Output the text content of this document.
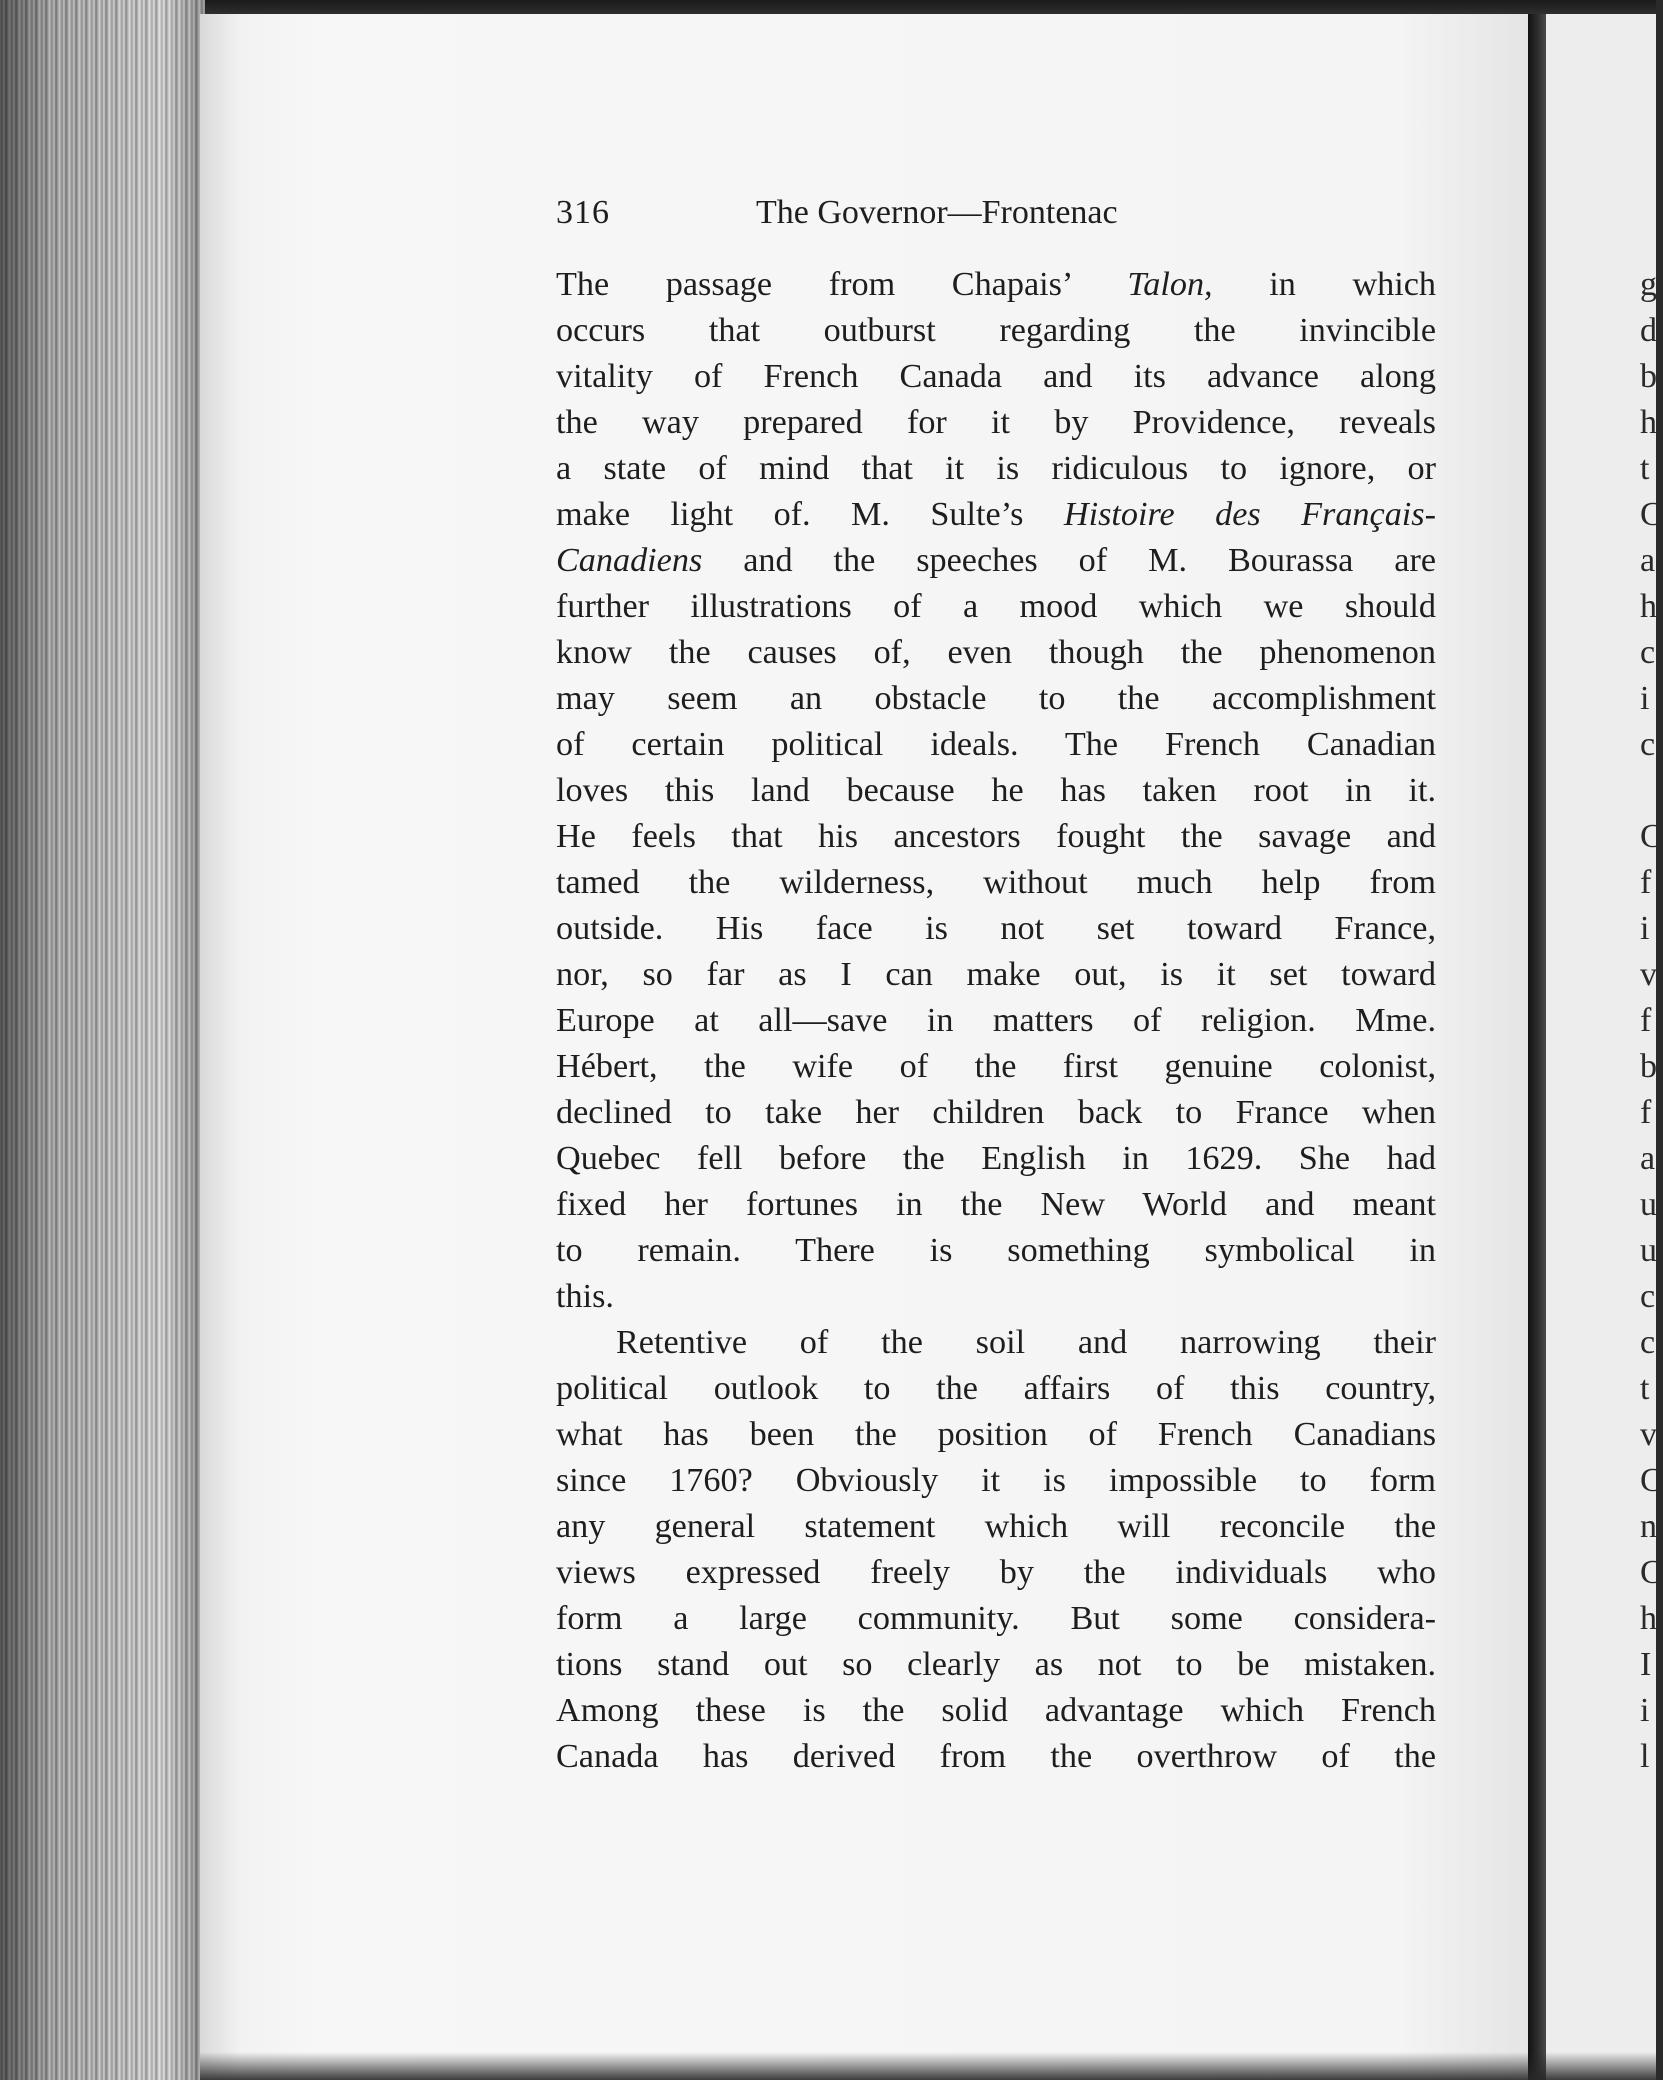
316	The Governor—Frontenac
The passage from Chapais’ Talon, in which
occurs that outburst regarding the invincible
vitality of French Canada and its advance along
the way prepared for it by Providence, reveals
a state of mind that it is ridiculous to ignore, or
make light of. M. Sulte’s Histoire des Français-
Canadiens and the speeches of M. Bourassa are
further illustrations of a mood which we should
know the causes of, even though the phenomenon
may seem an obstacle to the accomplishment
of certain political ideals. The French Canadian
loves this land because he has taken root in it.
He feels that his ancestors fought the savage and
tamed the wilderness, without much help from
outside. His face is not set toward France,
nor, so far as I can make out, is it set toward
Europe at all—save in matters of religion. Mme.
Hébert, the wife of the first genuine colonist,
declined to take her children back to France when
Quebec fell before the English in 1629. She had
fixed her fortunes in the New World and meant
to remain. There is something symbolical in
this.
Retentive of the soil and narrowing their
political outlook to the affairs of this country,
what has been the position of French Canadians
since 1760? Obviously it is impossible to form
any general statement which will reconcile the
views expressed freely by the individuals who
form a large community. But some considera-
tions stand out so clearly as not to be mistaken.
Among these is the solid advantage which French
Canada has derived from the overthrow of the
g
d
b
h
t
C
a
h
c
i
c
C
f
i
v
f
b
f
a
u
u
c
c
t
v
C
n
C
h
I
i
l
